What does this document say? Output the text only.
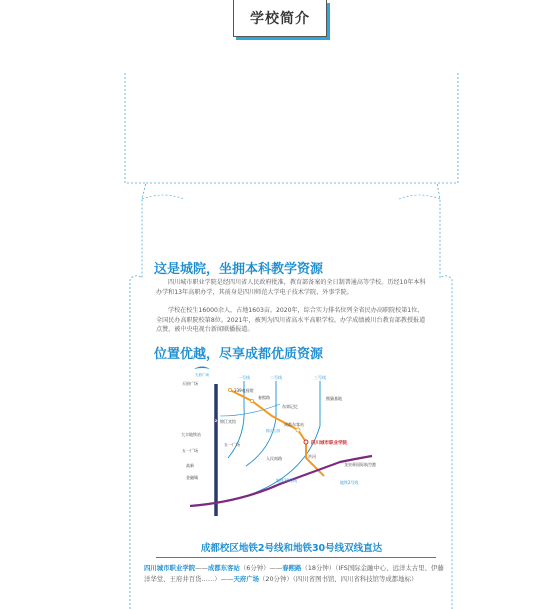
学校简介
这是城院，坐拥本科教学资源
四川城市职业学院是经四川省人民政府批准，教育部备案的全日制普通高等学校。历经10年本科办学和13年高职办学，其前身是四川师范大学电子技术学院、外事学院。
学校在校生16000余人，占地1603亩。2020年，综合实力排名位列全省民办高职院校第1位、全国民办高职院校第8位。2021年，被列为四川省高水平高职学校。办学成绩被川台教育部教授报道点赞，被中央电视台新闻联播报道。
位置优越，尽享成都优质资源
成都校区地铁2号线和地铁30号线双线直达
四川城市职业学院——成都东客站（6分钟）——春熙路（18分钟）（IFS国际金融中心、远洋太古里、伊藤洋华堂、王府井百货……）——天府广场（20分钟）（四川省图书馆、四川省科技馆等成都地标）
天府广场	一号线	二号线	三号线
2
天府广场
339电视塔
春熙路
东郊记忆
熊猫基地
锦江宾馆
成都东客站
四川城市职业学院
大丰地铁站
五一广场
高新
金融城
五一广场
人民南路	洪河
龙泉驿国际航空港
地铁30号线	地铁2号线
锦江公园
